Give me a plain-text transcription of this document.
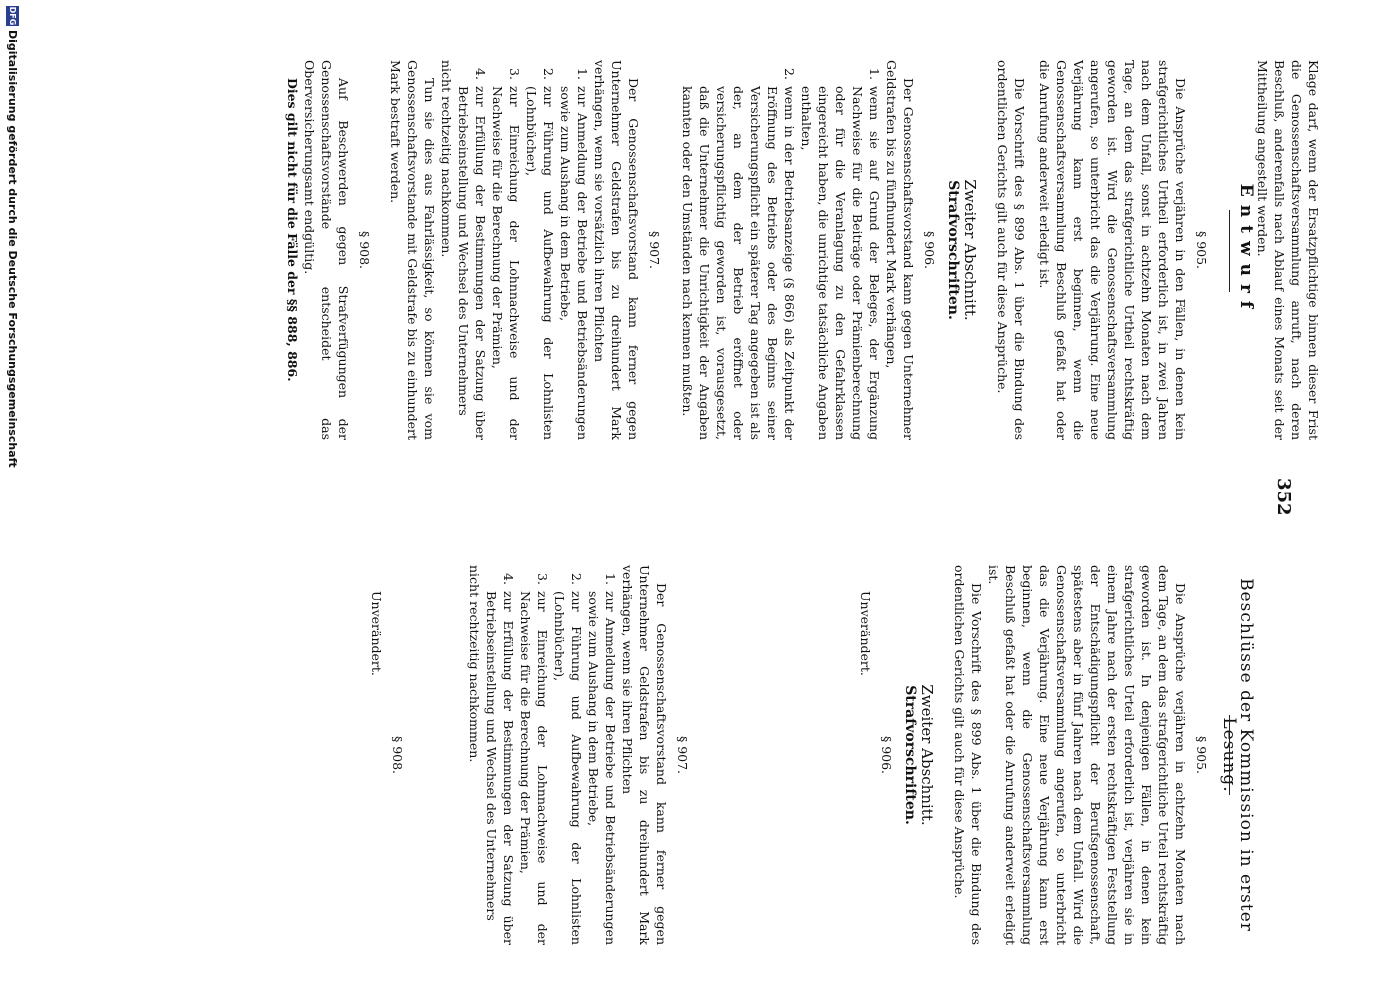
352
Entwurf	Klage darf, wenn der Ersatzpflichtige binnen dieser Frist die Genossenschaftsversammlung anruft, nach deren Beschluß, anderenfalls nach Ablauf eines Monats seit der Mittheilung angestellt werden.

§ 905.

Die Ansprüche verjähren in den Fällen, in denen kein strafgerichtliches Urtheil erforderlich ist, in zwei Jahren nach dem Unfall, sonst in achtzehn Monaten nach dem Tage, an dem das strafgerichtliche Urtheil rechtskräftig geworden ist. Wird die Genossenschaftsversammlung angerufen, so unterbricht das die Verjährung. Eine neue Verjährung kann erst beginnen, wenn die Genossenschaftsversammlung Beschluß gefaßt hat oder die Anrufung anderweit erledigt ist.

Die Vorschrift des § 899 Abs. 1 über die Bindung des ordentlichen Gerichts gilt auch für diese Ansprüche.

Zweiter Abschnitt.
Strafvorschriften.
§ 906.

Der Genossenschaftsvorstand kann gegen Unternehmer Geldstrafen bis zu fünfhundert Mark verhängen,

1.
wenn sie auf Grund der Beleges, der Ergänzung Nachweise für die Beiträge oder Prämienberechnung oder für die Veranlagung zu den Gefahrklassen eingereicht haben, die unrichtige tatsächliche Angaben enthalten,
2.
wenn in der Betriebsanzeige (§ 866) als Zeitpunkt der Eröffnung des Betriebs oder des Beginns seiner Versicherungspflicht ein späterer Tag angegeben ist als der, an dem der Betrieb eröffnet oder versicherungspflichtig geworden ist, vorausgesetzt, daß die Unternehmer die Unrichtigkeit der Angaben kannten oder den Umständen nach kennen mußten.
§ 907.

Der Genossenschaftsvorstand kann ferner gegen Unternehmer Geldstrafen bis zu dreihundert Mark verhängen, wenn sie vorsätzlich ihren Pflichten

1.
zur Anmeldung der Betriebe und Betriebsänderungen sowie zum Aushang in dem Betriebe,
2.
zur Führung und Aufbewahrung der Lohnlisten (Lohnbücher),
3.
zur Einreichung der Lohnnachweise und der Nachweise für die Berechnung der Prämien,
4.
zur Erfüllung der Bestimmungen der Satzung über Betriebseinstellung und Wechsel des Unternehmers

nicht rechtzeitig nachkommen.

Tun sie dies aus Fahrlässigkeit, so können sie vom Genossenschaftsvorstande mit Geldstrafe bis zu einhundert Mark bestraft werden.

§ 908.

Auf Beschwerden gegen Strafverfügungen der Genossenschaftsvorstände entscheidet das Oberversicherungsamt endgültig.

Dies gilt nicht für die Fälle der §§ 888, 886.

Beschlüsse der Kommission in erster Lesung.
§ 905.

Die Ansprüche verjähren in achtzehn Monaten nach dem Tage, an dem das strafgerichtliche Urteil rechtskräftig geworden ist. In denjenigen Fällen, in denen kein strafgerichtliches Urteil erforderlich ist, verjähren sie in einem Jahre nach der ersten rechtskräftigen Feststellung der Entschädigungspflicht der Berufsgenossenschaft, spätestens aber in fünf Jahren nach dem Unfall. Wird die Genossenschaftsversammlung angerufen, so unterbricht das die Verjährung. Eine neue Verjährung kann erst beginnen, wenn die Genossenschaftsversammlung Beschluß gefaßt hat oder die Anrufung anderweit erledigt ist.

Die Vorschrift des § 899 Abs. 1 über die Bindung des ordentlichen Gerichts gilt auch für diese Ansprüche.

Zweiter Abschnitt.
Strafvorschriften.
§ 906.

Unverändert.

§ 907.

Der Genossenschaftsvorstand kann ferner gegen Unternehmer Geldstrafen bis zu dreihundert Mark verhängen, wenn sie ihren Pflichten

1.
zur Anmeldung der Betriebe und Betriebsänderungen sowie zum Aushang in dem Betriebe,
2.
zur Führung und Aufbewahrung der Lohnlisten (Lohnbücher),
3.
zur Einreichung der Lohnnachweise und der Nachweise für die Berechnung der Prämien,
4.
zur Erfüllung der Bestimmungen der Satzung über Betriebseinstellung und Wechsel des Unternehmers

nicht rechtzeitig nachkommen.

§ 908.

Unverändert.

DFG
Digitalisierung gefördert durch die Deutsche Forschungsgemeinschaft
